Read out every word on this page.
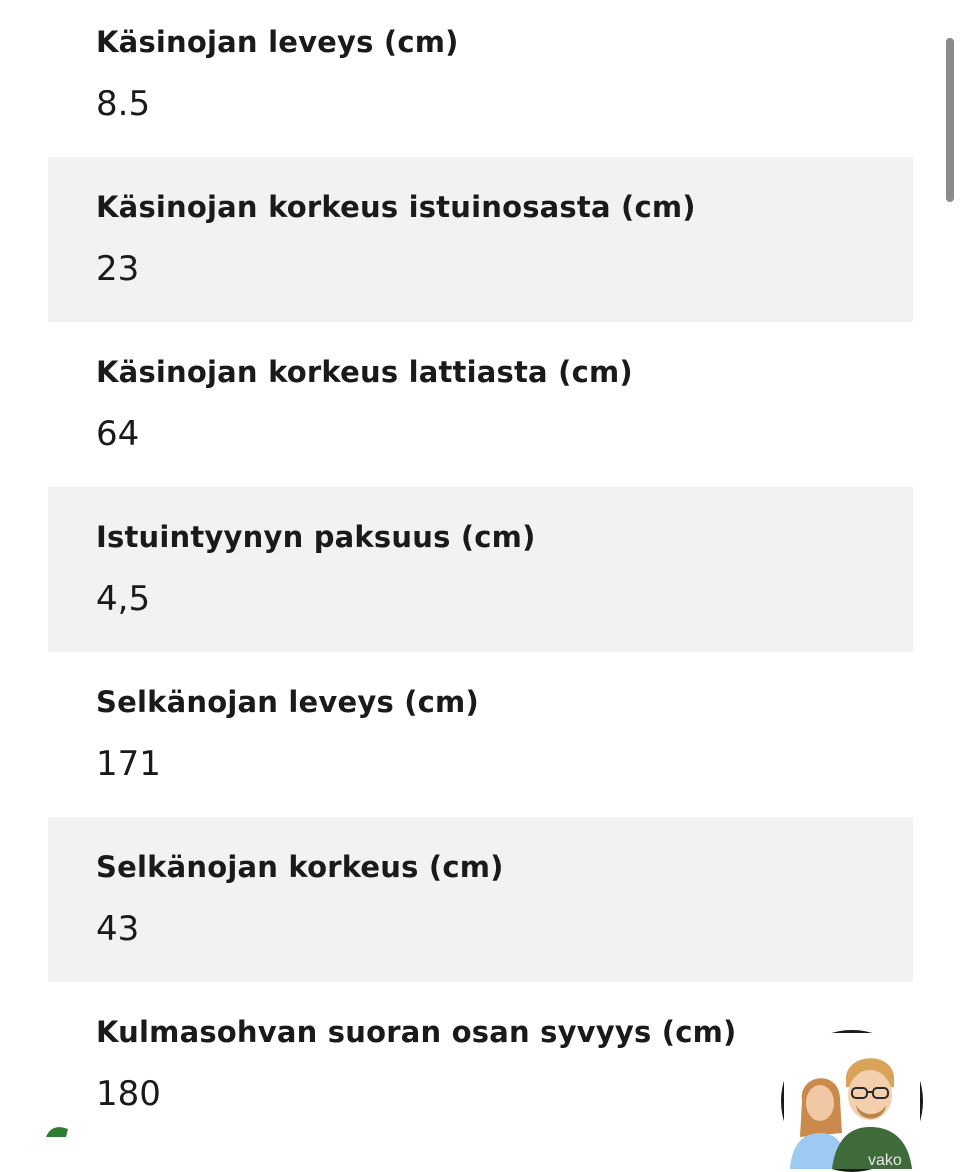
Käsinojan leveys (cm)
8.5
Käsinojan korkeus istuinosasta (cm)
23
Käsinojan korkeus lattiasta (cm)
64
Istuintyynyn paksuus (cm)
4,5
Selkänojan leveys (cm)
171
Selkänojan korkeus (cm)
43
Kulmasohvan suoran osan syvyys (cm)
180
vako
